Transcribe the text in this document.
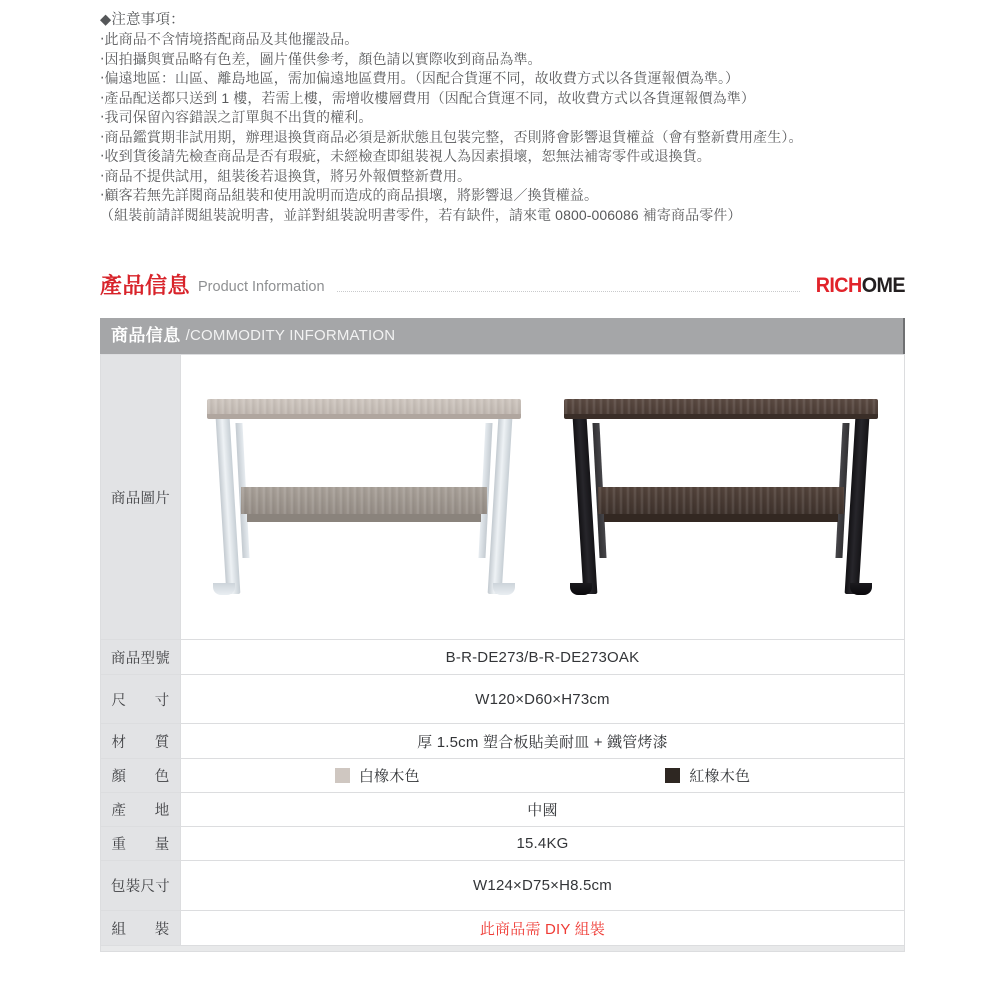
◆注意事項：
‧此商品不含情境搭配商品及其他擺設品。
‧因拍攝與實品略有色差，圖片僅供參考，顏色請以實際收到商品為準。
‧偏遠地區：山區、離島地區，需加偏遠地區費用。（因配合貨運不同，故收費方式以各貨運報價為準。）
‧產品配送都只送到 1 樓，若需上樓，需增收樓層費用（因配合貨運不同，故收費方式以各貨運報價為準）
‧我司保留內容錯誤之訂單與不出貨的權利。
‧商品鑑賞期非試用期，辦理退換貨商品必須是新狀態且包裝完整，否則將會影響退貨權益（會有整新費用產生）。
‧收到貨後請先檢查商品是否有瑕疵，未經檢查即組裝視人為因素損壞，恕無法補寄零件或退換貨。
‧商品不提供試用，組裝後若退換貨，將另外報價整新費用。
‧顧客若無先詳閱商品組裝和使用說明而造成的商品損壞，將影響退／換貨權益。
（組裝前請詳閱組裝說明書，並詳對組裝說明書零件，若有缺件，請來電 0800-006086 補寄商品零件）
產品信息 Product Information	RICHOME
商品信息 /COMMODITY INFORMATION
商品圖片	

商品型號	B-R-DE273/B-R-DE273OAK
尺寸	W120×D60×H73cm
材質	厚 1.5cm 塑合板貼美耐皿 + 鐵管烤漆
顏色	白橡木色 紅橡木色

產地	中國
重量	15.4KG
包裝尺寸	W124×D75×H8.5cm
組裝	此商品需 DIY 組裝
